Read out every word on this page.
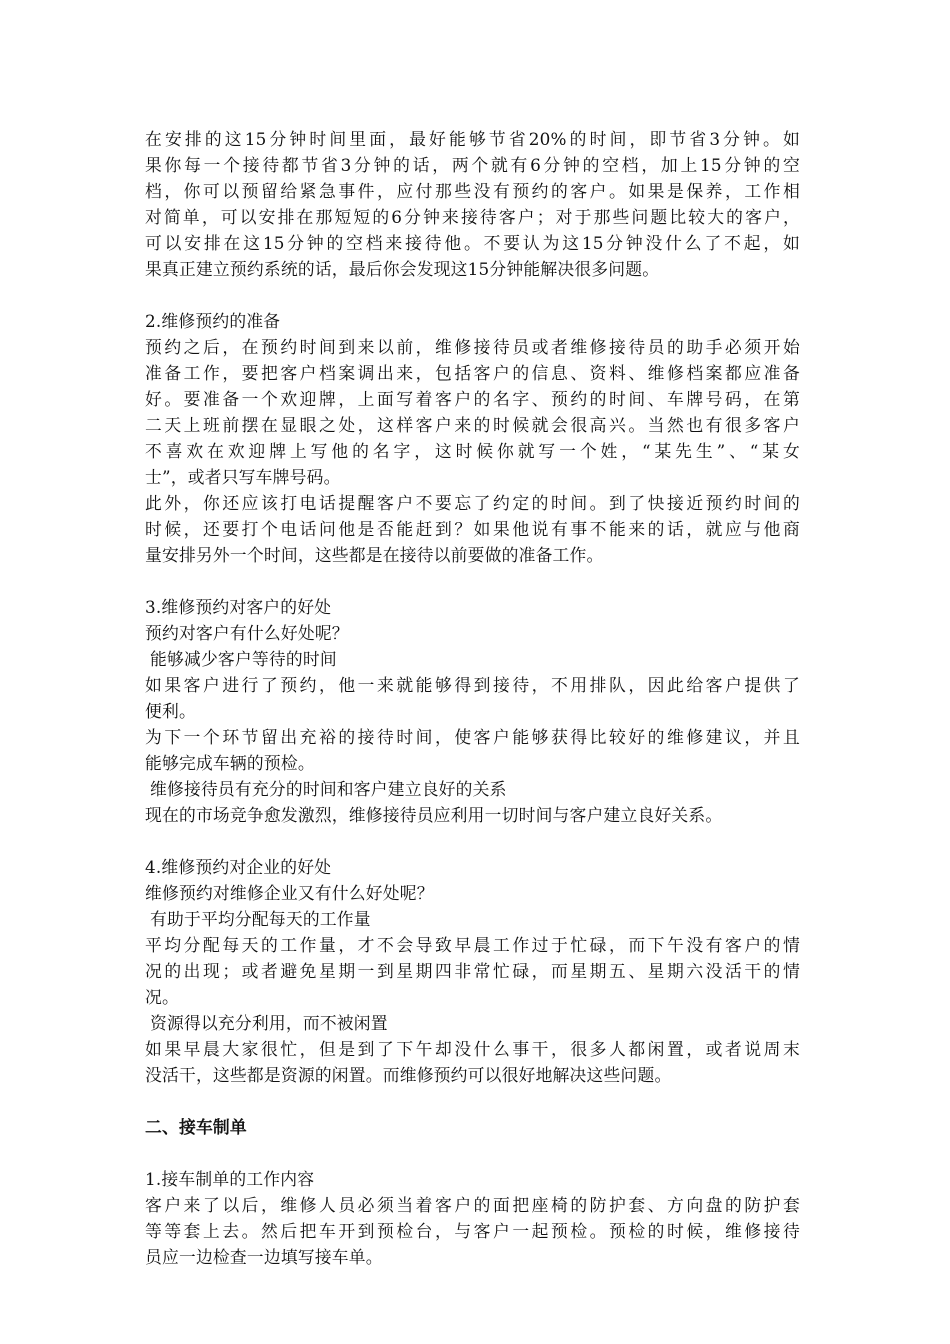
在安排的这15分钟时间里面，最好能够节省20%的时间，即节省3分钟。如
果你每一个接待都节省3分钟的话，两个就有6分钟的空档，加上15分钟的空
档，你可以预留给紧急事件，应付那些没有预约的客户。如果是保养，工作相
对简单，可以安排在那短短的6分钟来接待客户；对于那些问题比较大的客户，
可以安排在这15分钟的空档来接待他。不要认为这15分钟没什么了不起，如
果真正建立预约系统的话，最后你会发现这15分钟能解决很多问题。
2.维修预约的准备
预约之后，在预约时间到来以前，维修接待员或者维修接待员的助手必须开始
准备工作，要把客户档案调出来，包括客户的信息、资料、维修档案都应准备
好。要准备一个欢迎牌，上面写着客户的名字、预约的时间、车牌号码，在第
二天上班前摆在显眼之处，这样客户来的时候就会很高兴。当然也有很多客户
不喜欢在欢迎牌上写他的名字，这时候你就写一个姓，“某先生”、“某女
士”，或者只写车牌号码。
此外，你还应该打电话提醒客户不要忘了约定的时间。到了快接近预约时间的
时候，还要打个电话问他是否能赶到？如果他说有事不能来的话，就应与他商
量安排另外一个时间，这些都是在接待以前要做的准备工作。
3.维修预约对客户的好处
预约对客户有什么好处呢？
能够减少客户等待的时间
如果客户进行了预约，他一来就能够得到接待，不用排队，因此给客户提供了
便利。
为下一个环节留出充裕的接待时间，使客户能够获得比较好的维修建议，并且
能够完成车辆的预检。
维修接待员有充分的时间和客户建立良好的关系
现在的市场竞争愈发激烈，维修接待员应利用一切时间与客户建立良好关系。
4.维修预约对企业的好处
维修预约对维修企业又有什么好处呢？
有助于平均分配每天的工作量
平均分配每天的工作量，才不会导致早晨工作过于忙碌，而下午没有客户的情
况的出现；或者避免星期一到星期四非常忙碌，而星期五、星期六没活干的情
况。
资源得以充分利用，而不被闲置
如果早晨大家很忙，但是到了下午却没什么事干，很多人都闲置，或者说周末
没活干，这些都是资源的闲置。而维修预约可以很好地解决这些问题。
二、接车制单
1.接车制单的工作内容
客户来了以后，维修人员必须当着客户的面把座椅的防护套、方向盘的防护套
等等套上去。然后把车开到预检台，与客户一起预检。预检的时候，维修接待
员应一边检查一边填写接车单。
